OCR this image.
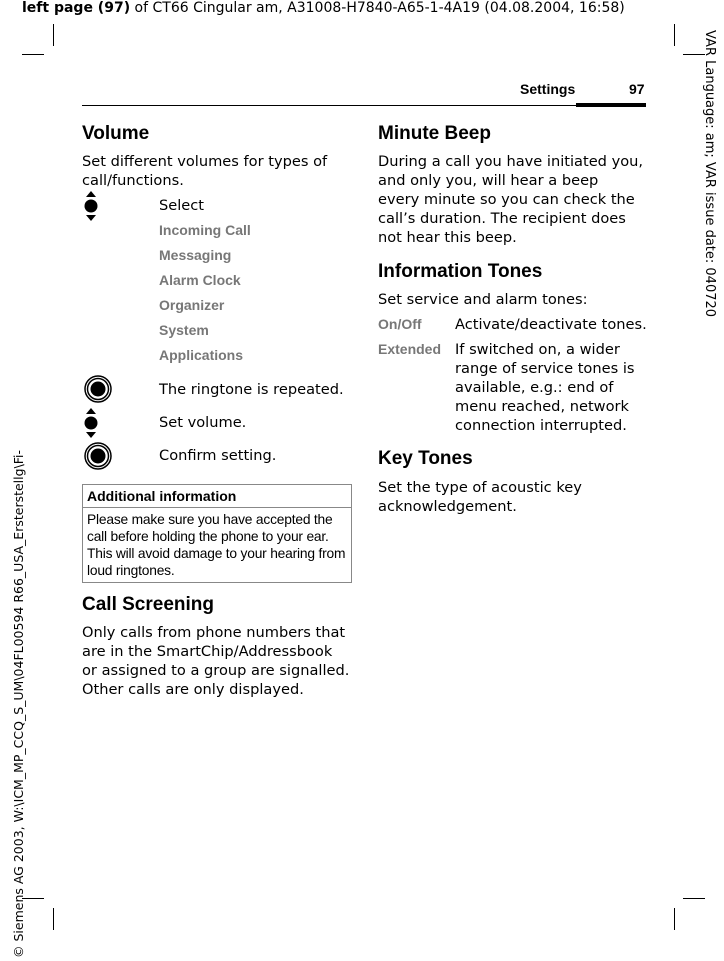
left page (97) of CT66 Cingular am, A31008-H7840-A65-1-4A19 (04.08.2004, 16:58)
VAR Language: am; VAR issue date: 040720
© Siemens AG 2003, W:\ICM_MP_CCQ_S_UM\04FL00594 R66_USA_Ersterstellg\Fi-
Settings	97
Volume
Set different volumes for types of call/functions.
Select
Incoming Call
Messaging
Alarm Clock
Organizer
System
Applications
The ringtone is repeated.
Set volume.
Confirm setting.
Additional information
Please make sure you have accepted the call before holding the phone to your ear. This will avoid damage to your hearing from loud ringtones.
Call Screening
Only calls from phone numbers that are in the SmartChip/Addressbook or assigned to a group are signalled. Other calls are only displayed.
Minute Beep
During a call you have initiated you, and only you, will hear a beep every minute so you can check the call’s duration. The recipient does not hear this beep.
Information Tones
Set service and alarm tones:
On/Off Activate/deactivate tones.
Extended If switched on, a wider range of service tones is available, e.g.: end of menu reached, network connection interrupted.
Key Tones
Set the type of acoustic key acknowledgement.
